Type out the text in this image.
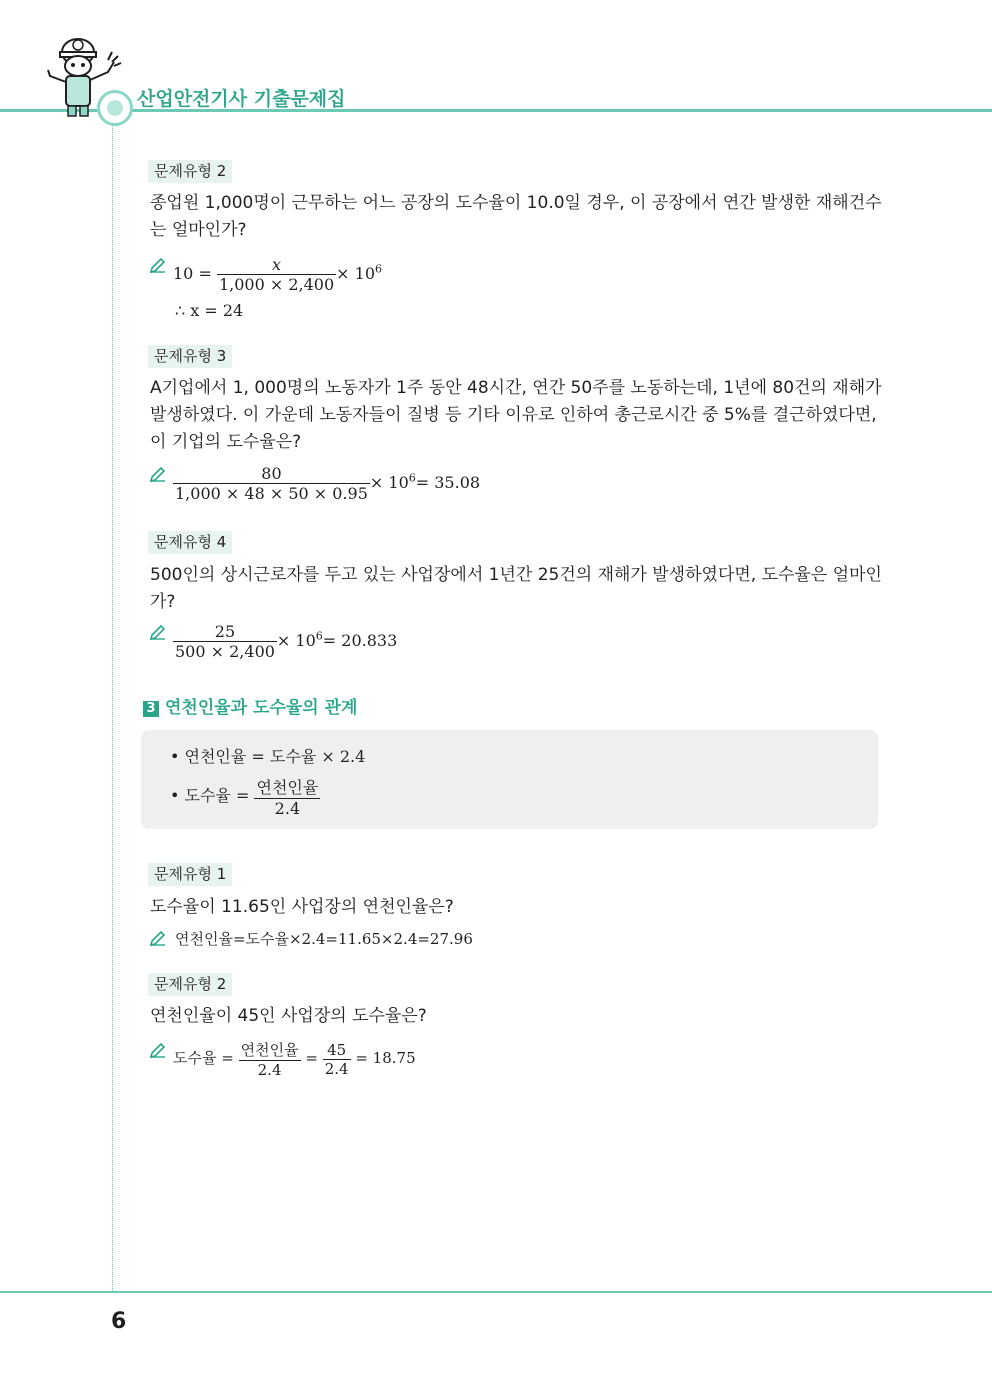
산업안전기사 기출문제집
문제유형 2
종업원 1,000명이 근무하는 어느 공장의 도수율이 10.0일 경우, 이 공장에서 연간 발생한 재해건수는 얼마인가?
$10 = \frac{x}{1,000 \times 2,400} \times 10^6$
∴ x = 24
문제유형 3
A기업에서 1, 000명의 노동자가 1주 동안 48시간, 연간 50주를 노동하는데, 1년에 80건의 재해가 발생하였다. 이 가운데 노동자들이 질병 등 기타 이유로 인하여 총근로시간 중 5%를 결근하였다면, 이 기업의 도수율은?
$\frac{80}{1,000 \times 48 \times 50 \times 0.95} \times 10^6= 35.08$
문제유형 4
500인의 상시근로자를 두고 있는 사업장에서 1년간 25건의 재해가 발생하였다면, 도수율은 얼마인가?
$\frac{25}{500 \times 2,400} \times 10^6= 20.833$
3 연천인율과 도수율의 관계
• 연천인율 = 도수율 × 2.4
• 도수율 = $\frac{\text{연천인율}}{2.4}$
문제유형 1
도수율이 11.65인 사업장의 연천인율은?
연천인율=도수율×2.4=11.65×2.4=27.96
문제유형 2
연천인율이 45인 사업장의 도수율은?
도수율 = $\frac{\text{연천인율}}{2.4} = \frac{45}{2.4} = 18.75$
6
